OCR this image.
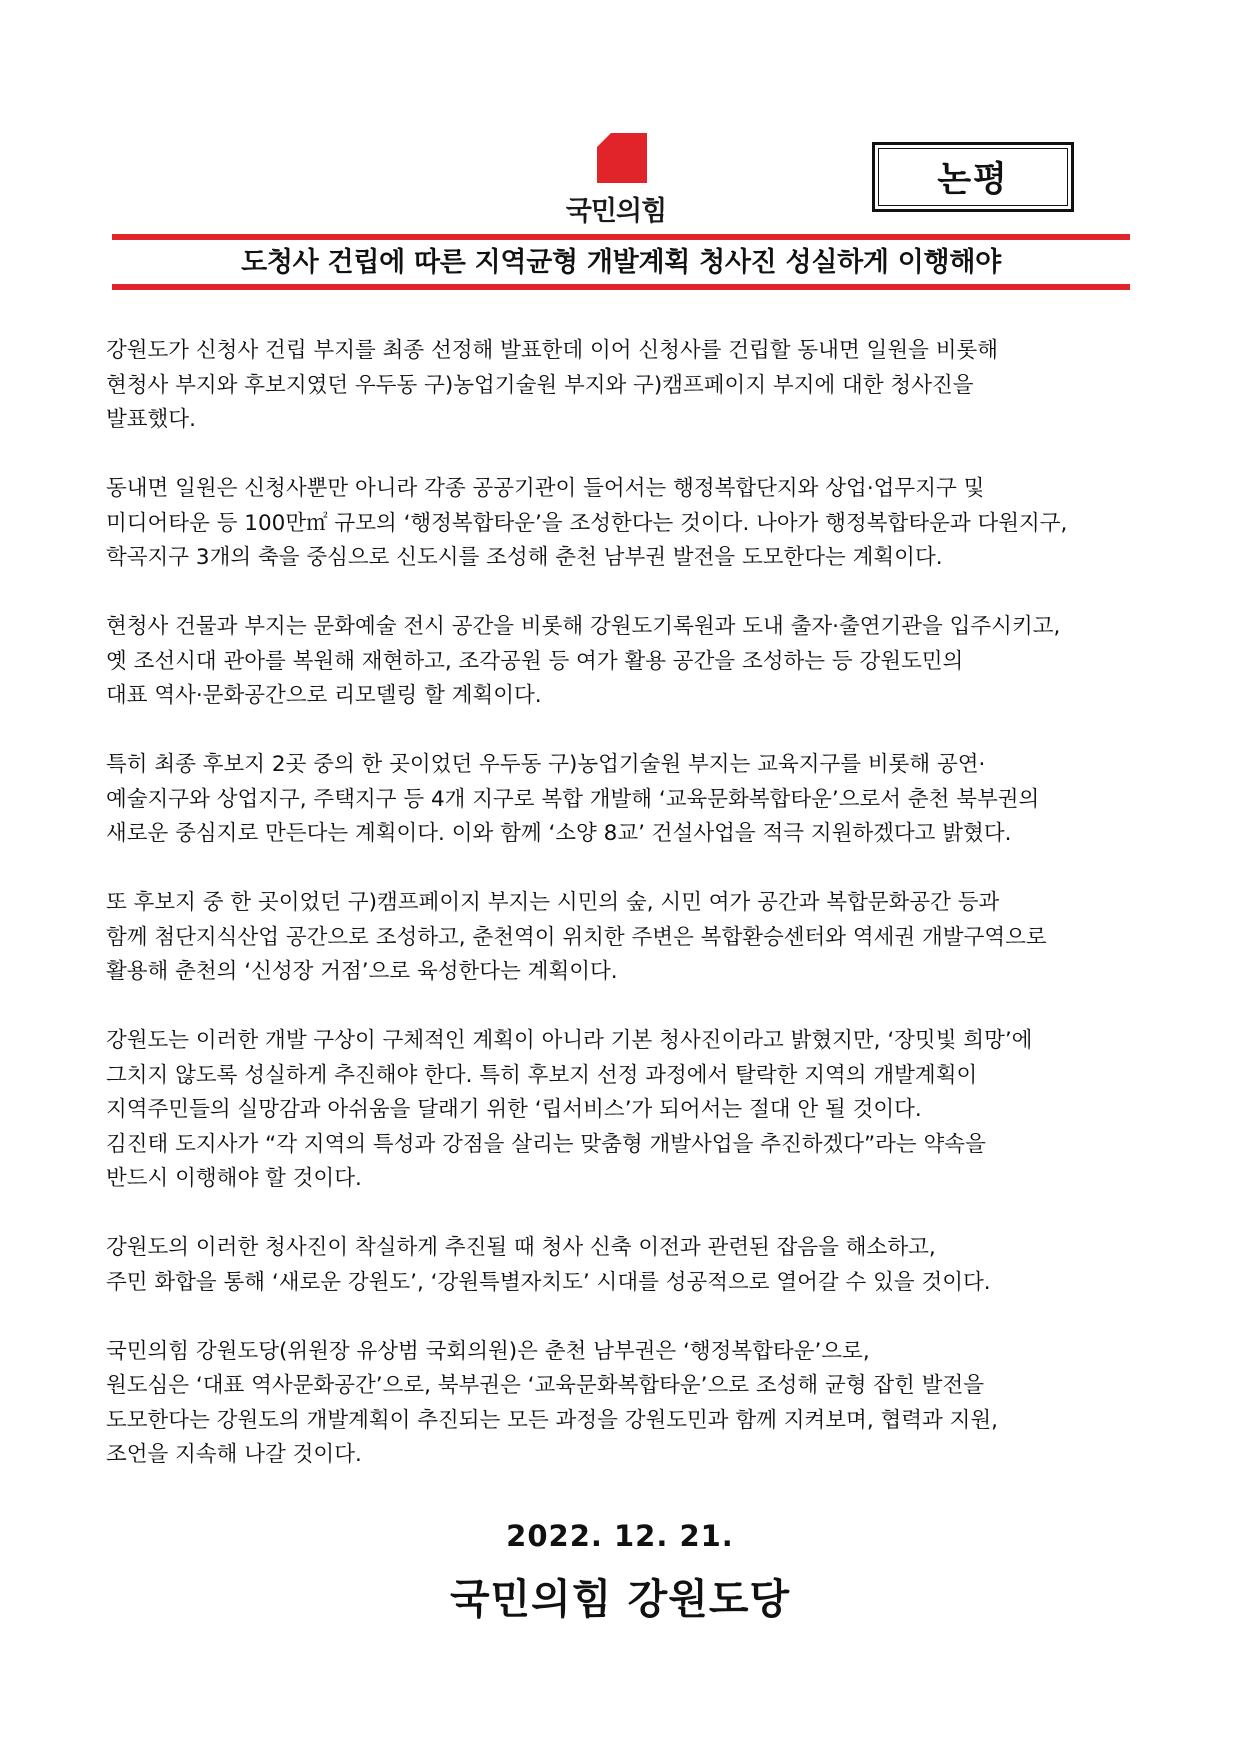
국민의힘
논평
도청사 건립에 따른 지역균형 개발계획 청사진 성실하게 이행해야

강원도가 신청사 건립 부지를 최종 선정해 발표한데 이어 신청사를 건립할 동내면 일원을 비롯해
현청사 부지와 후보지였던 우두동 구)농업기술원 부지와 구)캠프페이지 부지에 대한 청사진을
발표했다.

동내면 일원은 신청사뿐만 아니라 각종 공공기관이 들어서는 행정복합단지와 상업·업무지구 및
미디어타운 등 100만㎡ 규모의 ‘행정복합타운’을 조성한다는 것이다. 나아가 행정복합타운과 다원지구,
학곡지구 3개의 축을 중심으로 신도시를 조성해 춘천 남부권 발전을 도모한다는 계획이다.

현청사 건물과 부지는 문화예술 전시 공간을 비롯해 강원도기록원과 도내 출자·출연기관을 입주시키고,
옛 조선시대 관아를 복원해 재현하고, 조각공원 등 여가 활용 공간을 조성하는 등 강원도민의
대표 역사·문화공간으로 리모델링 할 계획이다.

특히 최종 후보지 2곳 중의 한 곳이었던 우두동 구)농업기술원 부지는 교육지구를 비롯해 공연·
예술지구와 상업지구, 주택지구 등 4개 지구로 복합 개발해 ‘교육문화복합타운’으로서 춘천 북부권의
새로운 중심지로 만든다는 계획이다. 이와 함께 ‘소양 8교’ 건설사업을 적극 지원하겠다고 밝혔다.

또 후보지 중 한 곳이었던 구)캠프페이지 부지는 시민의 숲, 시민 여가 공간과 복합문화공간 등과
함께 첨단지식산업 공간으로 조성하고, 춘천역이 위치한 주변은 복합환승센터와 역세권 개발구역으로
활용해 춘천의 ‘신성장 거점’으로 육성한다는 계획이다.

강원도는 이러한 개발 구상이 구체적인 계획이 아니라 기본 청사진이라고 밝혔지만, ‘장밋빛 희망’에
그치지 않도록 성실하게 추진해야 한다. 특히 후보지 선정 과정에서 탈락한 지역의 개발계획이
지역주민들의 실망감과 아쉬움을 달래기 위한 ‘립서비스’가 되어서는 절대 안 될 것이다.
김진태 도지사가 “각 지역의 특성과 강점을 살리는 맞춤형 개발사업을 추진하겠다”라는 약속을
반드시 이행해야 할 것이다.

강원도의 이러한 청사진이 착실하게 추진될 때 청사 신축 이전과 관련된 잡음을 해소하고,
주민 화합을 통해 ‘새로운 강원도’, ‘강원특별자치도’ 시대를 성공적으로 열어갈 수 있을 것이다.

국민의힘 강원도당(위원장 유상범 국회의원)은 춘천 남부권은 ‘행정복합타운’으로,
원도심은 ‘대표 역사문화공간’으로, 북부권은 ‘교육문화복합타운’으로 조성해 균형 잡힌 발전을
도모한다는 강원도의 개발계획이 추진되는 모든 과정을 강원도민과 함께 지켜보며, 협력과 지원,
조언을 지속해 나갈 것이다.

2022. 12. 21.
국민의힘 강원도당
